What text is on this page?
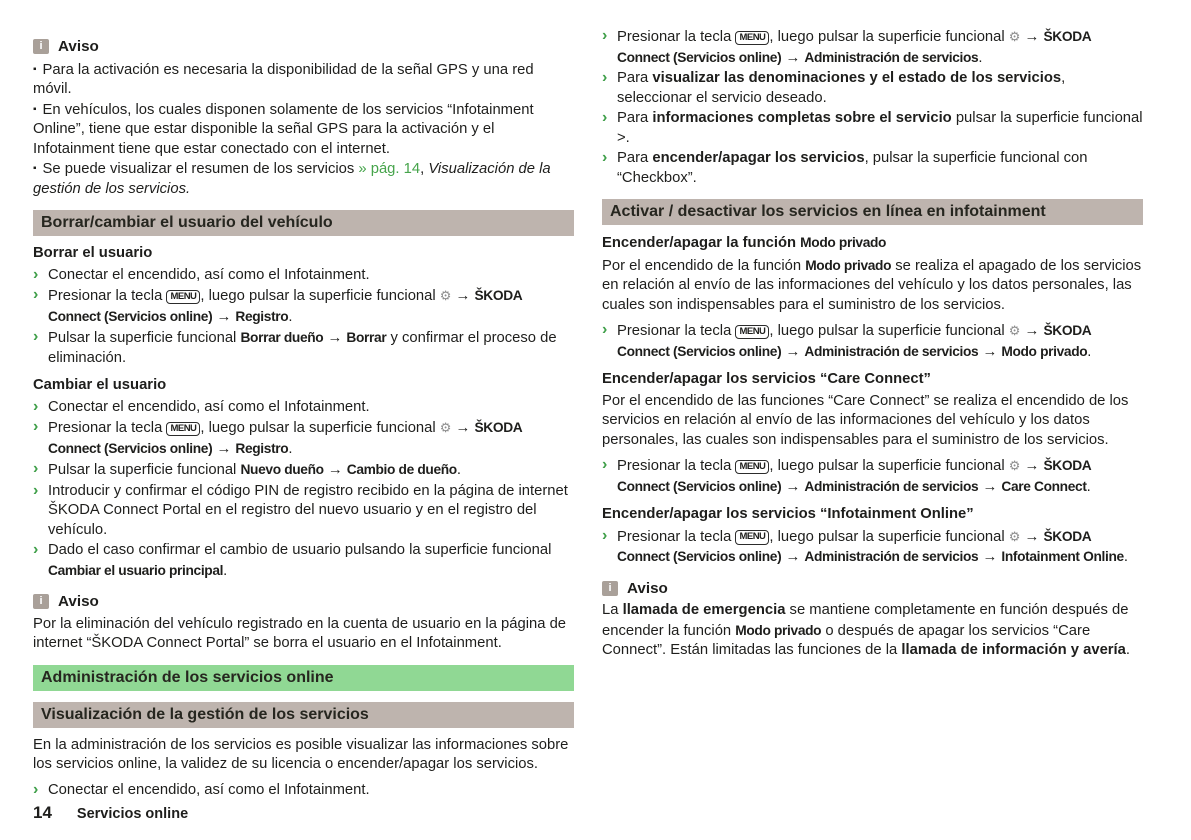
i	Aviso
▪ Para la activación es necesaria la disponibilidad de la señal GPS y una red móvil.
▪ En vehículos, los cuales disponen solamente de los servicios “Infotainment Online”, tiene que estar disponible la señal GPS para la activación y el Infotainment tiene que estar conectado con el internet.
▪ Se puede visualizar el resumen de los servicios » pág. 14, Visualización de la gestión de los servicios.
Borrar/cambiar el usuario del vehículo
Borrar el usuario
› Conectar el encendido, así como el Infotainment.
› Presionar la tecla MENU , luego pulsar la superficie funcional ⚙ → ŠKODA Connect (Servicios online) → Registro.
› Pulsar la superficie funcional Borrar dueño → Borrar y confirmar el proceso de eliminación.
Cambiar el usuario
› Conectar el encendido, así como el Infotainment.
› Presionar la tecla MENU , luego pulsar la superficie funcional ⚙ → ŠKODA Connect (Servicios online) → Registro.
› Pulsar la superficie funcional Nuevo dueño → Cambio de dueño.
› Introducir y confirmar el código PIN de registro recibido en la página de internet ŠKODA Connect Portal en el registro del nuevo usuario y en el registro del vehículo.
› Dado el caso confirmar el cambio de usuario pulsando la superficie funcional Cambiar el usuario principal.
i	Aviso
Por la eliminación del vehículo registrado en la cuenta de usuario en la página de internet “ŠKODA Connect Portal” se borra el usuario en el Infotainment.
Administración de los servicios online
Visualización de la gestión de los servicios
En la administración de los servicios es posible visualizar las informaciones sobre los servicios online, la validez de su licencia o encender/apagar los servicios.
› Conectar el encendido, así como el Infotainment.
› Presionar la tecla MENU , luego pulsar la superficie funcional ⚙ → ŠKODA Connect (Servicios online) → Administración de servicios.
› Para visualizar las denominaciones y el estado de los servicios, seleccionar el servicio deseado.
› Para informaciones completas sobre el servicio pulsar la superficie funcional >.
› Para encender/apagar los servicios, pulsar la superficie funcional con “Checkbox”.
Activar / desactivar los servicios en línea en infotainment
Encender/apagar la función Modo privado
Por el encendido de la función Modo privado se realiza el apagado de los servicios en relación al envío de las informaciones del vehículo y los datos personales, las cuales son indispensables para el suministro de los servicios.
› Presionar la tecla MENU , luego pulsar la superficie funcional ⚙ → ŠKODA Connect (Servicios online) → Administración de servicios → Modo privado.
Encender/apagar los servicios “Care Connect”
Por el encendido de las funciones “Care Connect” se realiza el encendido de los servicios en relación al envío de las informaciones del vehículo y los datos personales, las cuales son indispensables para el suministro de los servicios.
› Presionar la tecla MENU , luego pulsar la superficie funcional ⚙ → ŠKODA Connect (Servicios online) → Administración de servicios → Care Connect.
Encender/apagar los servicios “Infotainment Online”
› Presionar la tecla MENU , luego pulsar la superficie funcional ⚙ → ŠKODA Connect (Servicios online) → Administración de servicios → Infotainment Online.
i	Aviso
La llamada de emergencia se mantiene completamente en función después de encender la función Modo privado o después de apagar los servicios “Care Connect”. Están limitadas las funciones de la llamada de información y avería.
14 Servicios online
